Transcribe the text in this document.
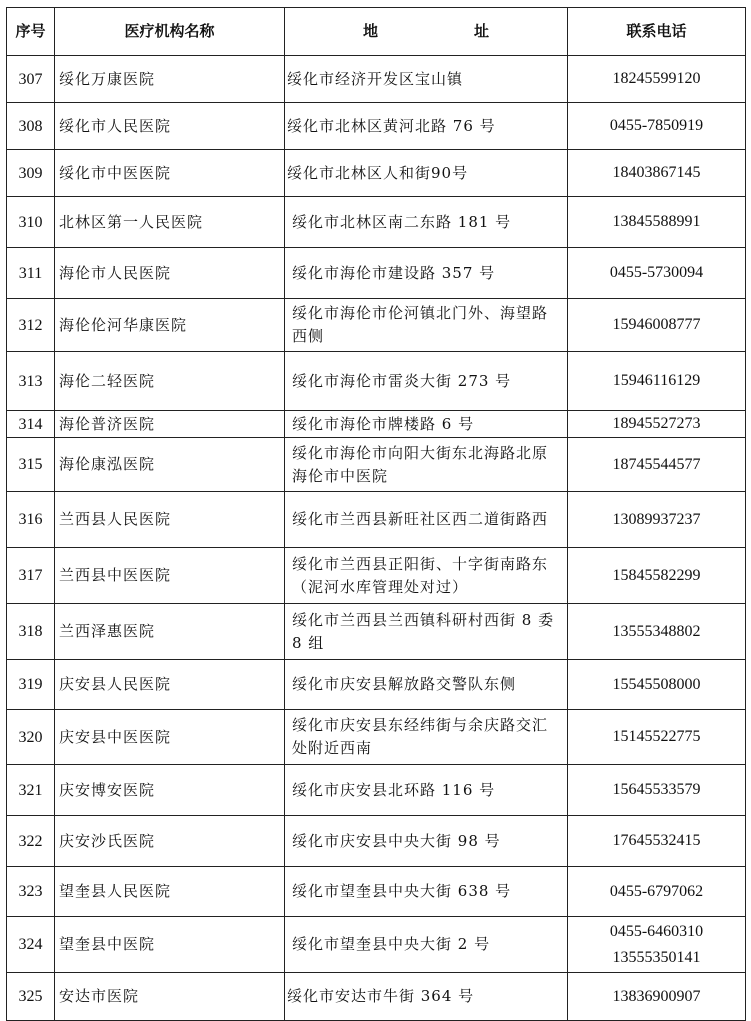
序号	医疗机构名称	地 址	联系电话
307	绥化万康医院	绥化市经济开发区宝山镇	18245599120

308	绥化市人民医院	绥化市北林区黄河北路 76 号	0455-7850919

309	绥化市中医医院	绥化市北林区人和街90号	18403867145

310	北林区第一人民医院	绥化市北林区南二东路 181 号	13845588991

311	海伦市人民医院	绥化市海伦市建设路 357 号	0455-5730094

312	海伦伦河华康医院	绥化市海伦市伦河镇北门外、海望路西侧	15946008777

313	海伦二轻医院	绥化市海伦市雷炎大街 273 号	15946116129

314	海伦普济医院	绥化市海伦市牌楼路 6 号	18945527273

315	海伦康泓医院	绥化市海伦市向阳大街东北海路北原海伦市中医院	18745544577

316	兰西县人民医院	绥化市兰西县新旺社区西二道街路西	13089937237

317	兰西县中医医院	绥化市兰西县正阳街、十字街南路东（泥河水库管理处对过）	15845582299

318	兰西泽惠医院	绥化市兰西县兰西镇科研村西街 8 委 8 组	13555348802

319	庆安县人民医院	绥化市庆安县解放路交警队东侧	15545508000

320	庆安县中医医院	绥化市庆安县东经纬街与余庆路交汇处附近西南	15145522775

321	庆安博安医院	绥化市庆安县北环路 116 号	15645533579

322	庆安沙氏医院	绥化市庆安县中央大街 98 号	17645532415

323	望奎县人民医院	绥化市望奎县中央大街 638 号	0455-6797062

324	望奎县中医院	绥化市望奎县中央大街 2 号	0455-6460310
13555350141

325	安达市医院	绥化市安达市牛街 364 号	13836900907
